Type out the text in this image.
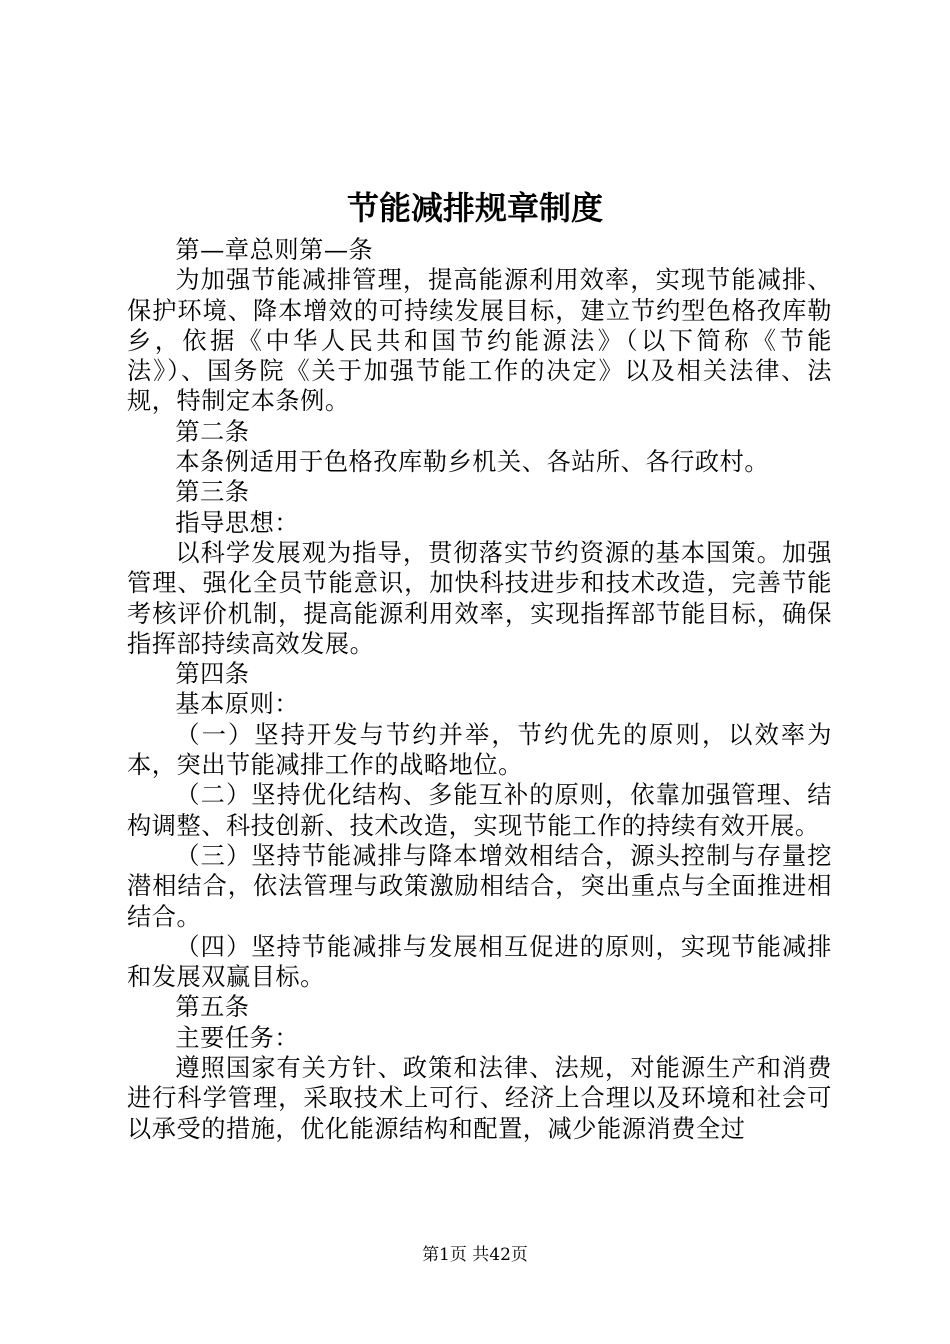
节能减排规章制度

第—章总则第—条

为加强节能减排管理，提高能源利用效率，实现节能减排、保护环境、降本增效的可持续发展目标，建立节约型色格孜库勒乡，依据《中华人民共和国节约能源法》（以下简称《节能法》）、国务院《关于加强节能工作的决定》以及相关法律、法规，特制定本条例。

第二条

本条例适用于色格孜库勒乡机关、各站所、各行政村。

第三条

指导思想：

以科学发展观为指导，贯彻落实节约资源的基本国策。加强管理、强化全员节能意识，加快科技进步和技术改造，完善节能考核评价机制，提高能源利用效率，实现指挥部节能目标，确保指挥部持续高效发展。

第四条

基本原则：

（一）坚持开发与节约并举，节约优先的原则，以效率为本，突出节能减排工作的战略地位。

（二）坚持优化结构、多能互补的原则，依靠加强管理、结构调整、科技创新、技术改造，实现节能工作的持续有效开展。

（三）坚持节能减排与降本增效相结合，源头控制与存量挖潜相结合，依法管理与政策激励相结合，突出重点与全面推进相结合。

（四）坚持节能减排与发展相互促进的原则，实现节能减排和发展双赢目标。

第五条

主要任务：

遵照国家有关方针、政策和法律、法规，对能源生产和消费进行科学管理，采取技术上可行、经济上合理以及环境和社会可以承受的措施，优化能源结构和配置，减少能源消费全过

第1页 共42页
